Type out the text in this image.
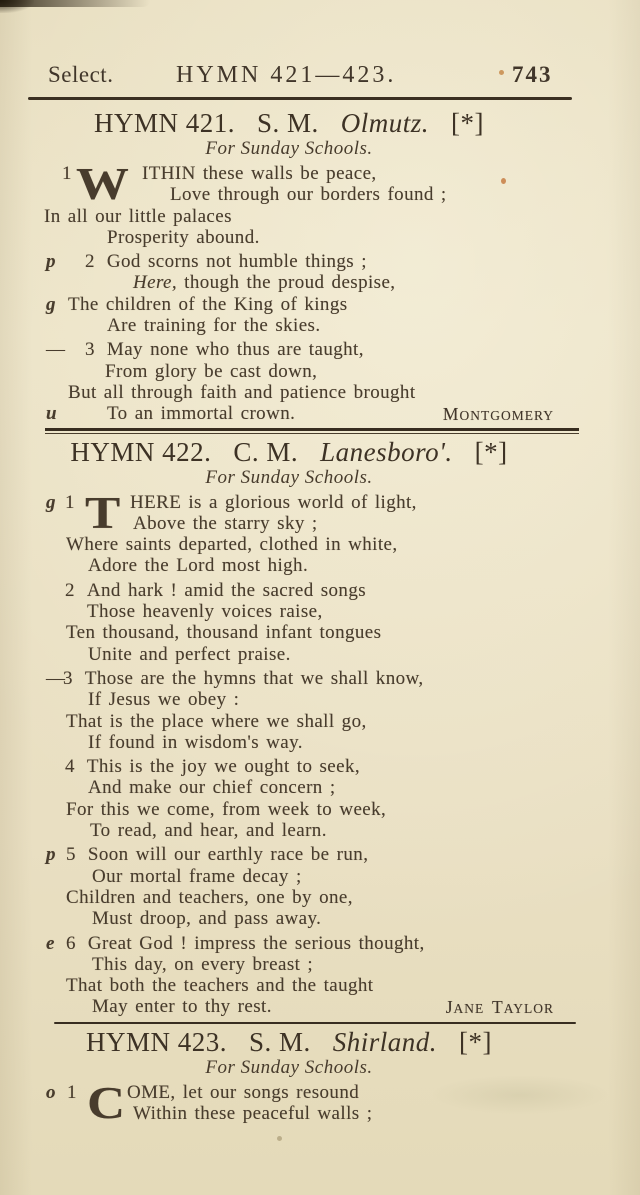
Select.	HYMN 421—423.	743
HYMN 421. S. M. Olmutz. [*]
For Sunday Schools.
1 W ITHIN these walls be peace,
Love through our borders found ;
In all our little palaces
Prosperity abound.
p 2 God scorns not humble things ;
Here, though the proud despise,
g The children of the King of kings
Are training for the skies.
— 3 May none who thus are taught,
From glory be cast down,
But all through faith and patience brought
u	To an immortal crown.	MONTGOMERY
HYMN 422. C. M. Lanesboro'. [*]
For Sunday Schools.
g 1 T HERE is a glorious world of light,
Above the starry sky ;
Where saints departed, clothed in white,
Adore the Lord most high.
2 And hark ! amid the sacred songs
Those heavenly voices raise,
Ten thousand, thousand infant tongues
Unite and perfect praise.
—
3 Those are the hymns that we shall know,
If Jesus we obey :
That is the place where we shall go,
If found in wisdom's way.
4 This is the joy we ought to seek,
And make our chief concern ;
For this we come, from week to week,
To read, and hear, and learn.
p 5 Soon will our earthly race be run,
Our mortal frame decay ;
Children and teachers, one by one,
Must droop, and pass away.
e 6 Great God ! impress the serious thought,
This day, on every breast ;
That both the teachers and the taught
May enter to thy rest.	JANE TAYLOR
HYMN 423. S. M. Shirland. [*]
For Sunday Schools.
o 1 C OME, let our songs resound
Within these peaceful walls ;
